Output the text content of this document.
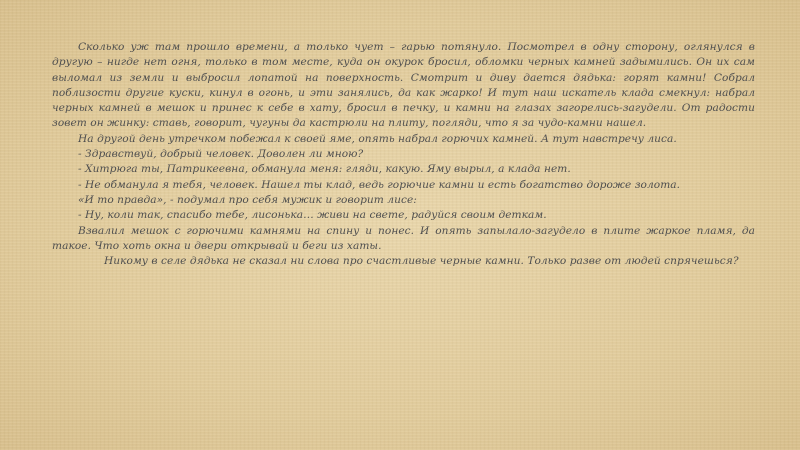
Сколько уж там прошло времени, а только чует – гарью потянуло. Посмотрел в одну сторону, оглянулся в другую – нигде нет огня, только в том месте, куда он окурок бросил, обломки черных камней задымились. Он их сам выломал из земли и выбросил лопатой на поверхность. Смотрит и диву дается дядька: горят камни! Собрал поблизости другие куски, кинул в огонь, и эти занялись, да как жарко! И тут наш искатель клада смекнул: набрал черных камней в мешок и принес к себе в хату, бросил в печку, и камни на глазах загорелись-загудели. От радости зовет он жинку: ставь, говорит, чугуны да кастрюли на плиту, погляди, что я за чудо-камни нашел.

На другой день утречком побежал к своей яме, опять набрал горючих камней. А тут навстречу лиса.

- Здравствуй, добрый человек. Доволен ли мною?

- Хитрюга ты, Патрикеевна, обманула меня: гляди, какую. Яму вырыл, а клада нет.

- Не обманула я тебя, человек. Нашел ты клад, ведь горючие камни и есть богатство дороже золота.

«И то правда», - подумал про себя мужик и говорит лисе:

- Ну, коли так, спасибо тебе, лисонька… живи на свете, радуйся своим деткам.

Взвалил мешок с горючими камнями на спину и понес. И опять запылало-загудело в плите жаркое пламя, да такое. Что хоть окна и двери открывай и беги из хаты.

Никому в селе дядька не сказал ни слова про счастливые черные камни. Только разве от людей спрячешься?
